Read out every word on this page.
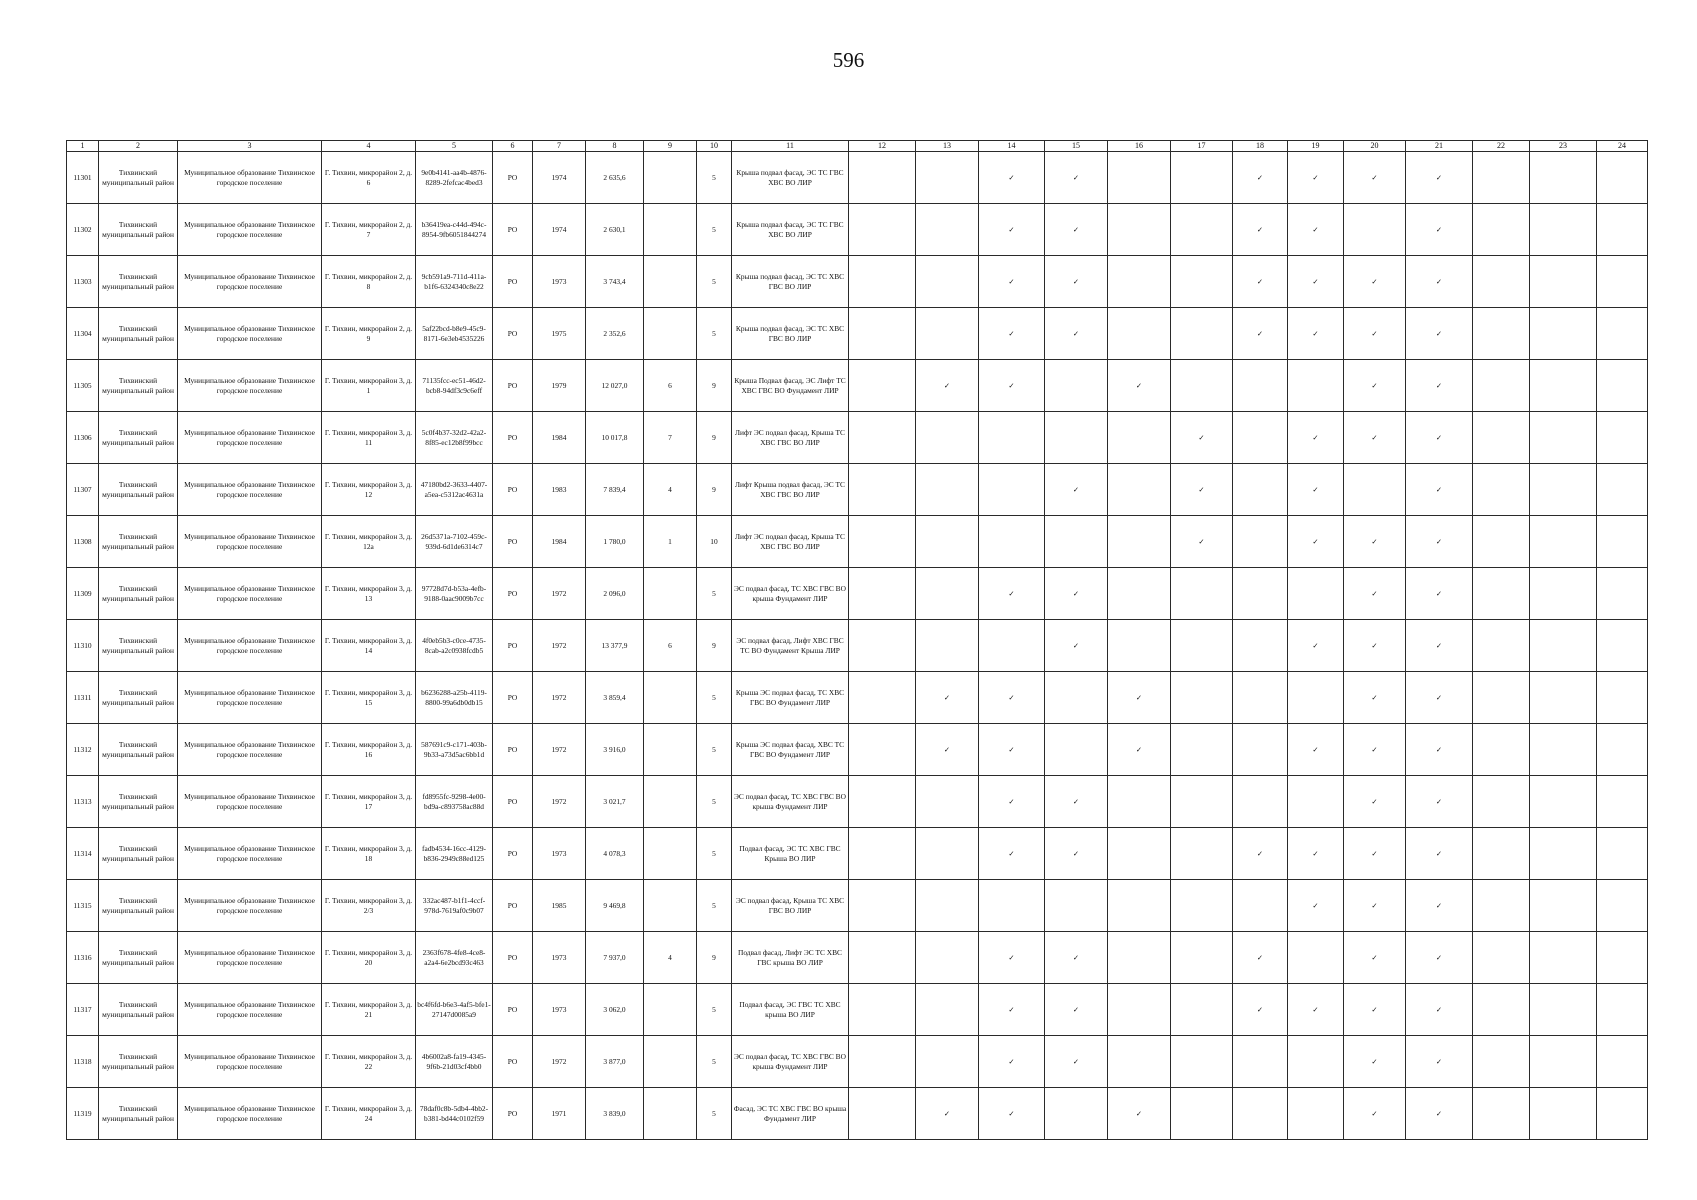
596
1	2	3	4	5	6	7	8	9	10	11	12	13	14	15	16	17	18	19	20	21	22	23	24
11301	Тихвинский муниципальный район	Муниципальное образование Тихвинское городское поселение	Г. Тихвин, микрорайон 2, д. 6	9e0b4141-aa4b-4876-8289-2fefcac4bed3	РО	1974	2 635,6		5	Крыша подвал фасад, ЭС ТС ГВС ХВС ВО ЛИР			✓	✓			✓	✓	✓	✓			
11302	Тихвинский муниципальный район	Муниципальное образование Тихвинское городское поселение	Г. Тихвин, микрорайон 2, д. 7	b36419ea-c44d-494c-8954-9fb6051844274	РО	1974	2 630,1		5	Крыша подвал фасад, ЭС ТС ГВС ХВС ВО ЛИР			✓	✓			✓	✓		✓			
11303	Тихвинский муниципальный район	Муниципальное образование Тихвинское городское поселение	Г. Тихвин, микрорайон 2, д. 8	9cb591a9-711d-411a-b1f6-6324340c8e22	РО	1973	3 743,4		5	Крыша подвал фасад, ЭС ТС ХВС ГВС ВО ЛИР			✓	✓			✓	✓	✓	✓			
11304	Тихвинский муниципальный район	Муниципальное образование Тихвинское городское поселение	Г. Тихвин, микрорайон 2, д. 9	5af22bcd-b8e9-45c9-8171-6e3eb4535226	РО	1975	2 352,6		5	Крыша подвал фасад, ЭС ТС ХВС ГВС ВО ЛИР			✓	✓			✓	✓	✓	✓			
11305	Тихвинский муниципальный район	Муниципальное образование Тихвинское городское поселение	Г. Тихвин, микрорайон 3, д. 1	71135fcc-ec51-46d2-bcb8-94df3c9c6eff	РО	1979	12 027,0	6	9	Крыша Подвал фасад, ЭС Лифт ТС ХВС ГВС ВО Фундамент ЛИР		✓	✓		✓				✓	✓			
11306	Тихвинский муниципальный район	Муниципальное образование Тихвинское городское поселение	Г. Тихвин, микрорайон 3, д. 11	5c0f4b37-32d2-42a2-8f85-ec12b8f99bcc	РО	1984	10 017,8	7	9	Лифт ЭС подвал фасад, Крыша ТС ХВС ГВС ВО ЛИР						✓		✓	✓	✓			
11307	Тихвинский муниципальный район	Муниципальное образование Тихвинское городское поселение	Г. Тихвин, микрорайон 3, д. 12	47180bd2-3633-4407-a5ea-c5312ac4631a	РО	1983	7 839,4	4	9	Лифт Крыша подвал фасад, ЭС ТС ХВС ГВС ВО ЛИР				✓		✓		✓		✓			
11308	Тихвинский муниципальный район	Муниципальное образование Тихвинское городское поселение	Г. Тихвин, микрорайон 3, д. 12а	26d5371a-7102-459c-939d-6d1de6314c7	РО	1984	1 780,0	1	10	Лифт ЭС подвал фасад, Крыша ТС ХВС ГВС ВО ЛИР						✓		✓	✓	✓			
11309	Тихвинский муниципальный район	Муниципальное образование Тихвинское городское поселение	Г. Тихвин, микрорайон 3, д. 13	97728d7d-b53a-4efb-9188-0aac9009b7cc	РО	1972	2 096,0		5	ЭС подвал фасад, ТС ХВС ГВС ВО крыша Фундамент ЛИР			✓	✓					✓	✓			
11310	Тихвинский муниципальный район	Муниципальное образование Тихвинское городское поселение	Г. Тихвин, микрорайон 3, д. 14	4f0eb5b3-c0ce-4735-8cab-a2c0938fcdb5	РО	1972	13 377,9	6	9	ЭС подвал фасад, Лифт ХВС ГВС ТС ВО Фундамент Крыша ЛИР				✓				✓	✓	✓			
11311	Тихвинский муниципальный район	Муниципальное образование Тихвинское городское поселение	Г. Тихвин, микрорайон 3, д. 15	b6236288-a25b-4119-8800-99a6db0db15	РО	1972	3 859,4		5	Крыша ЭС подвал фасад, ТС ХВС ГВС ВО Фундамент ЛИР		✓	✓		✓				✓	✓			
11312	Тихвинский муниципальный район	Муниципальное образование Тихвинское городское поселение	Г. Тихвин, микрорайон 3, д. 16	587691c9-c171-403b-9b33-a73d5ac6bb1d	РО	1972	3 916,0		5	Крыша ЭС подвал фасад, ХВС ТС ГВС ВО Фундамент ЛИР		✓	✓		✓			✓	✓	✓			
11313	Тихвинский муниципальный район	Муниципальное образование Тихвинское городское поселение	Г. Тихвин, микрорайон 3, д. 17	fd8955fc-9298-4e00-bd9a-c893758ac88d	РО	1972	3 021,7		5	ЭС подвал фасад, ТС ХВС ГВС ВО крыша Фундамент ЛИР			✓	✓					✓	✓			
11314	Тихвинский муниципальный район	Муниципальное образование Тихвинское городское поселение	Г. Тихвин, микрорайон 3, д. 18	fadb4534-16cc-4129-b836-2949c88ed125	РО	1973	4 078,3		5	Подвал фасад, ЭС ТС ХВС ГВС Крыша ВО ЛИР			✓	✓			✓	✓	✓	✓			
11315	Тихвинский муниципальный район	Муниципальное образование Тихвинское городское поселение	Г. Тихвин, микрорайон 3, д. 2/3	332ac487-b1f1-4ccf-978d-7619af0c9b07	РО	1985	9 469,8		5	ЭС подвал фасад, Крыша ТС ХВС ГВС ВО ЛИР								✓	✓	✓			
11316	Тихвинский муниципальный район	Муниципальное образование Тихвинское городское поселение	Г. Тихвин, микрорайон 3, д. 20	2363f678-4fe8-4ce8-a2a4-6e2bcd93c463	РО	1973	7 937,0	4	9	Подвал фасад, Лифт ЭС ТС ХВС ГВС крыша ВО ЛИР			✓	✓			✓		✓	✓			
11317	Тихвинский муниципальный район	Муниципальное образование Тихвинское городское поселение	Г. Тихвин, микрорайон 3, д. 21	bc4f6fd-b6e3-4af5-bfe1-27147d0085a9	РО	1973	3 062,0		5	Подвал фасад, ЭС ГВС ТС ХВС крыша ВО ЛИР			✓	✓			✓	✓	✓	✓			
11318	Тихвинский муниципальный район	Муниципальное образование Тихвинское городское поселение	Г. Тихвин, микрорайон 3, д. 22	4b6002a8-fa19-4345-9f6b-21d03cf4bb0	РО	1972	3 877,0		5	ЭС подвал фасад, ТС ХВС ГВС ВО крыша Фундамент ЛИР			✓	✓					✓	✓			
11319	Тихвинский муниципальный район	Муниципальное образование Тихвинское городское поселение	Г. Тихвин, микрорайон 3, д. 24	78daf0c8b-5db4-4bb2-b381-bd44c0102f59	РО	1971	3 839,0		5	Фасад, ЭС ТС ХВС ГВС ВО крыша Фундамент ЛИР		✓	✓		✓				✓	✓			
